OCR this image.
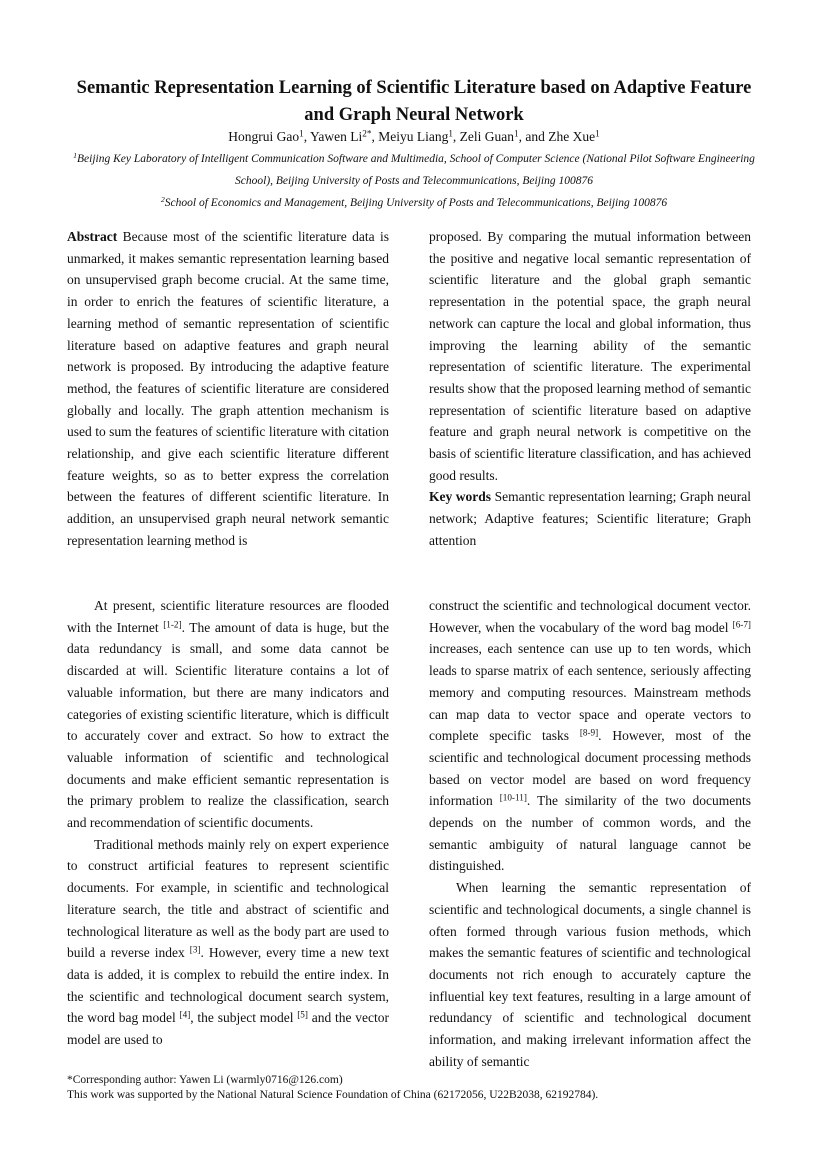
Semantic Representation Learning of Scientific Literature based on Adaptive Feature and Graph Neural Network
Hongrui Gao$^1$, Yawen $Li^{2*}$, Meiyu Liang$^1$, Zeli Guan$^1$, and Zhe Xue$^1$
$^1$Beijing Key Laboratory of Intelligent Communication Software and Multimedia, School of Computer Science (National Pilot Software Engineering School), Beijing University of Posts and Telecommunications, Beijing 100876
$^2$School of Economics and Management, Beijing University of Posts and Telecommunications, Beijing 100876

Abstract Because most of the scientific literature data is unmarked, it makes semantic representation learning based on unsupervised graph become crucial. At the same time, in order to enrich the features of scientific literature, a learning method of semantic representation of scientific literature based on adaptive features and graph neural network is proposed. By introducing the adaptive feature method, the features of scientific literature are considered globally and locally. The graph attention mechanism is used to sum the features of scientific literature with citation relationship, and give each scientific literature different feature weights, so as to better express the correlation between the features of different scientific literature. In addition, an unsupervised graph neural network semantic representation learning method is

proposed. By comparing the mutual information between the positive and negative local semantic representation of scientific literature and the global graph semantic representation in the potential space, the graph neural network can capture the local and global information, thus improving the learning ability of the semantic representation of scientific literature. The experimental results show that the proposed learning method of semantic representation of scientific literature based on adaptive feature and graph neural network is competitive on the basis of scientific literature classification, and has achieved good results.

Key words Semantic representation learning; Graph neural network; Adaptive features; Scientific literature; Graph attention

At present, scientific literature resources are flooded with the Internet [1-2]. The amount of data is huge, but the data redundancy is small, and some data cannot be discarded at will. Scientific literature contains a lot of valuable information, but there are many indicators and categories of existing scientific literature, which is difficult to accurately cover and extract. So how to extract the valuable information of scientific and technological documents and make efficient semantic representation is the primary problem to realize the classification, search and recommendation of scientific documents.

Traditional methods mainly rely on expert experience to construct artificial features to represent scientific documents. For example, in scientific and technological literature search, the title and abstract of scientific and technological literature as well as the body part are used to build a reverse index [3]. However, every time a new text data is added, it is complex to rebuild the entire index. In the scientific and technological document search system, the word bag model [4], the subject model [5] and the vector model are used to

construct the scientific and technological document vector. However, when the vocabulary of the word bag model [6-7] increases, each sentence can use up to ten words, which leads to sparse matrix of each sentence, seriously affecting memory and computing resources. Mainstream methods can map data to vector space and operate vectors to complete specific tasks [8-9]. However, most of the scientific and technological document processing methods based on vector model are based on word frequency information [10-11]. The similarity of the two documents depends on the number of common words, and the semantic ambiguity of natural language cannot be distinguished.

When learning the semantic representation of scientific and technological documents, a single channel is often formed through various fusion methods, which makes the semantic features of scientific and technological documents not rich enough to accurately capture the influential key text features, resulting in a large amount of redundancy of scientific and technological document information, and making irrelevant information affect the ability of semantic

*Corresponding author: Yawen Li (warmly0716@126.com)
This work was supported by the National Natural Science Foundation of China (62172056, U22B2038, 62192784).
